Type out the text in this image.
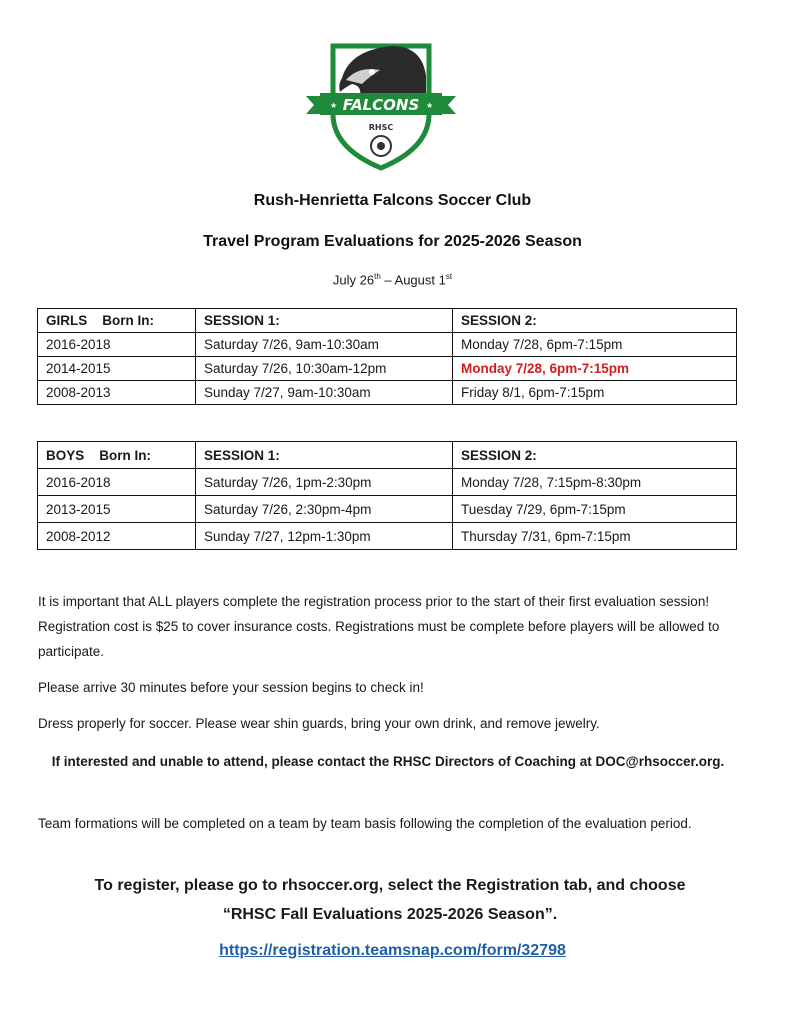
FALCONS
★	★
RHSC
Rush-Henrietta Falcons Soccer Club
Travel Program Evaluations for 2025-2026 Season
July 26th – August 1st
GIRLS    Born In:	SESSION 1:	SESSION 2:
2016-2018	Saturday 7/26, 9am-10:30am	Monday 7/28, 6pm-7:15pm
2014-2015	Saturday 7/26, 10:30am-12pm	Monday 7/28, 6pm-7:15pm
2008-2013	Sunday 7/27, 9am-10:30am	Friday 8/1, 6pm-7:15pm
BOYS    Born In:	SESSION 1:	SESSION 2:
2016-2018	Saturday 7/26, 1pm-2:30pm	Monday 7/28, 7:15pm-8:30pm
2013-2015	Saturday 7/26, 2:30pm-4pm	Tuesday 7/29, 6pm-7:15pm
2008-2012	Sunday 7/27, 12pm-1:30pm	Thursday 7/31, 6pm-7:15pm
It is important that ALL players complete the registration process prior to the start of their first evaluation session! Registration cost is $25 to cover insurance costs. Registrations must be complete before players will be allowed to participate.
Please arrive 30 minutes before your session begins to check in!
Dress properly for soccer. Please wear shin guards, bring your own drink, and remove jewelry.
If interested and unable to attend, please contact the RHSC Directors of Coaching at DOC@rhsoccer.org.
Team formations will be completed on a team by team basis following the completion of the evaluation period.
To register, please go to rhsoccer.org, select the Registration tab, and choose
“RHSC Fall Evaluations 2025-2026 Season”.
https://registration.teamsnap.com/form/32798
